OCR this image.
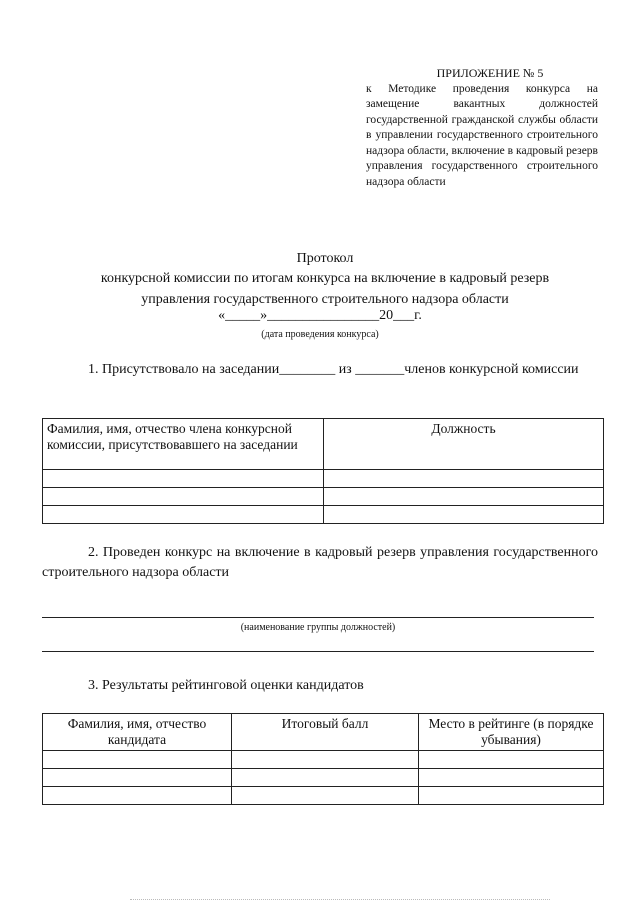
ПРИЛОЖЕНИЕ № 5
к Методике проведения конкурса на замещение вакантных должностей государственной гражданской службы области в управлении государственного строительного надзора области, включение в кадровый резерв управления государственного строительного надзора области
Протокол
конкурсной комиссии по итогам конкурса на включение в кадровый резерв
управления государственного строительного надзора области
«_____»________________20___г.
(дата проведения конкурса)
1. Присутствовало на заседании________ из _______членов конкурсной комиссии
Фамилия, имя, отчество члена конкурсной комиссии, присутствовавшего на заседании	Должность

2. Проведен конкурс на включение в кадровый резерв управления государственного строительного надзора области
(наименование группы должностей)
3. Результаты рейтинговой оценки кандидатов
Фамилия, имя, отчество кандидата	Итоговый балл	Место в рейтинге (в порядке убывания)
